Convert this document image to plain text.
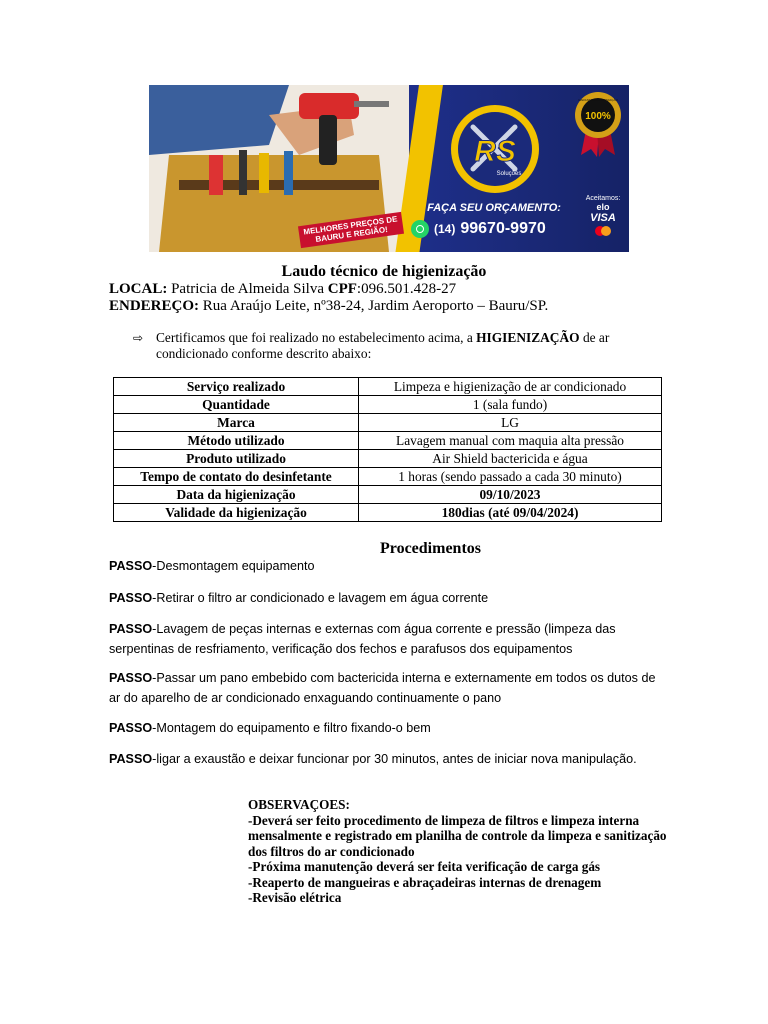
RS
Soluções
100%
GARANTIA DE SATISFAÇÃO
FAÇA SEU ORÇAMENTO:
(14) 99670-9970
MELHORES PREÇOS DE BAURU E REGIÃO!
Aceitamos:
elo
VISA
Laudo técnico de higienização
LOCAL: Patricia de Almeida Silva CPF:096.501.428-27
ENDEREÇO: Rua Araújo Leite, nº38-24, Jardim Aeroporto – Bauru/SP.
⇨ Certificamos que foi realizado no estabelecimento acima, a HIGIENIZAÇÃO de ar condicionado conforme descrito abaixo:
Serviço realizado	Limpeza e higienização de ar condicionado
Quantidade	1 (sala fundo)
Marca	LG
Método utilizado	Lavagem manual com maquia alta pressão
Produto utilizado	Air Shield bactericida e água
Tempo de contato do desinfetante	1 horas (sendo passado a cada 30 minuto)
Data da higienização	09/10/2023
Validade da higienização	180dias (até 09/04/2024)
Procedimentos
PASSO-Desmontagem equipamento
PASSO-Retirar o filtro ar condicionado e lavagem em água corrente
PASSO-Lavagem de peças internas e externas com água corrente e pressão (limpeza das serpentinas de resfriamento, verificação dos fechos e parafusos dos equipamentos
PASSO-Passar um pano embebido com bactericida interna e externamente em todos os dutos de ar do aparelho de ar condicionado enxaguando continuamente o pano
PASSO-Montagem do equipamento e filtro fixando-o bem
PASSO-ligar a exaustão e deixar funcionar por 30 minutos, antes de iniciar nova manipulação.
OBSERVAÇOES:
-Deverá ser feito procedimento de limpeza de filtros e limpeza interna mensalmente e registrado em planilha de controle da limpeza e sanitização dos filtros do ar condicionado
-Próxima manutenção deverá ser feita verificação de carga gás
-Reaperto de mangueiras e abraçadeiras internas de drenagem
-Revisão elétrica
